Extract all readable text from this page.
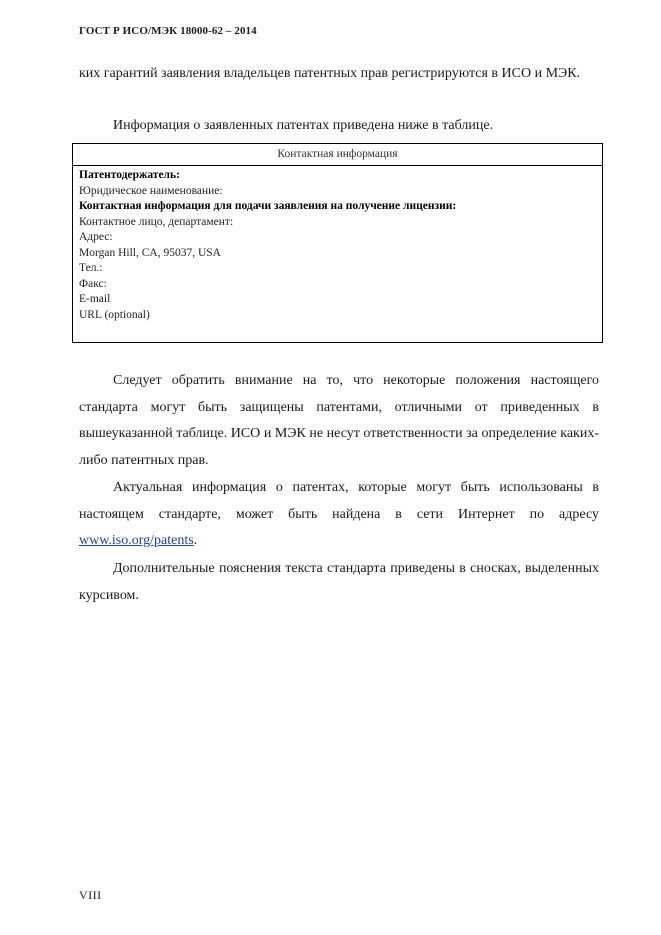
ГОСТ Р ИСО/МЭК 18000-62 – 2014

ких гарантий заявления владельцев патентных прав регистрируются в ИСО и МЭК.

Информация о заявленных патентах приведена ниже в таблице.

Контактная информация
Патентодержатель:
Юридическое наименование:
Контактная информация для подачи заявления на получение лицензии:
Контактное лицо, департамент:
Адрес:
Morgan Hill, CA, 95037, USA
Тел.:
Факс:
E-mail
URL (optional)

Следует обратить внимание на то, что некоторые положения настоящего стандарта могут быть защищены патентами, отличными от приведенных в вышеуказанной таблице. ИСО и МЭК не несут ответственности за определение каких-либо патентных прав.

Актуальная информация о патентах, которые могут быть использованы в настоящем стандарте, может быть найдена в сети Интернет по адресу www.iso.org/patents.

Дополнительные пояснения текста стандарта приведены в сносках, выделенных курсивом.

VIII
